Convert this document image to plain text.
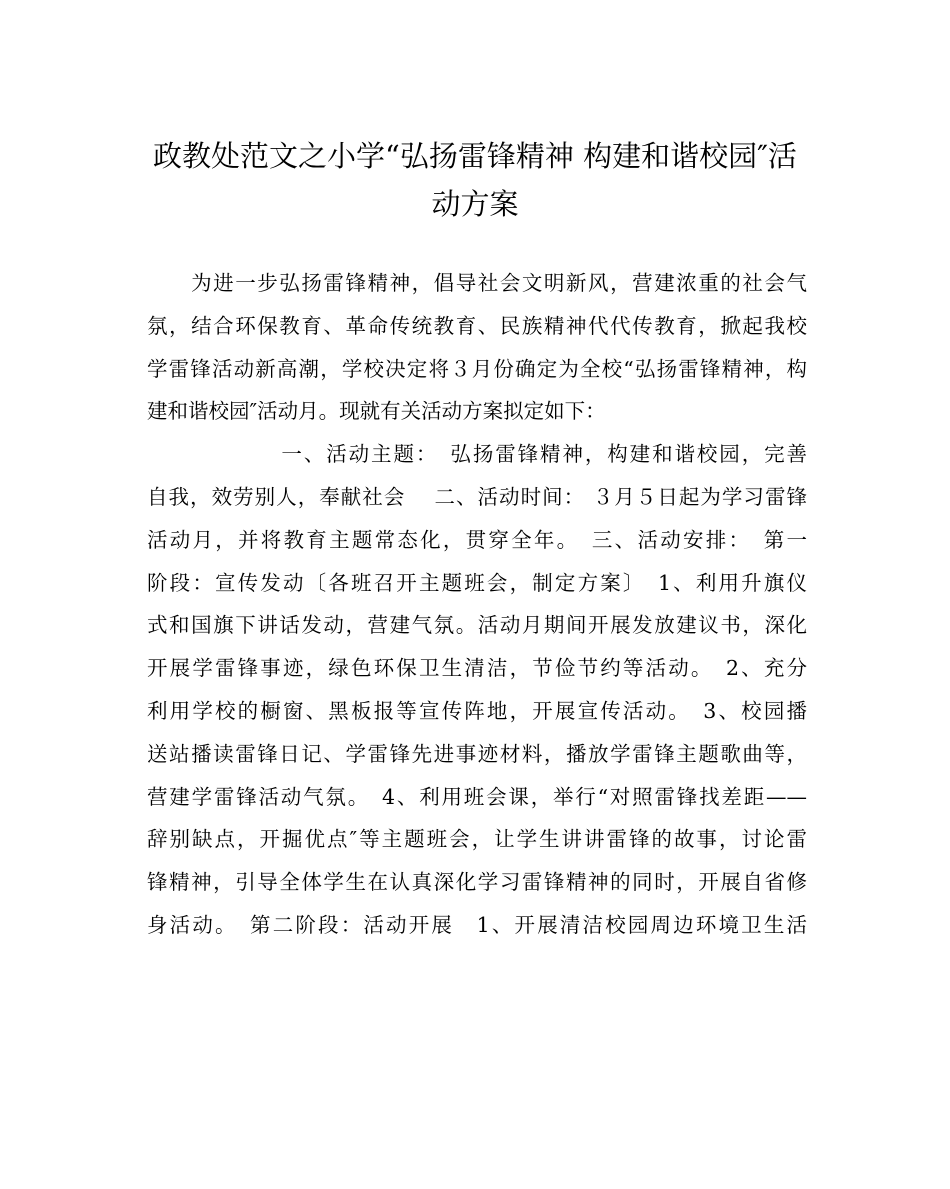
政教处范文之小学“弘扬雷锋精神 构建和谐校园″活
动方案
　　为进一步弘扬雷锋精神，倡导社会文明新风，营建浓重的社会气
氛，结合环保教育、革命传统教育、民族精神代代传教育，掀起我校
学雷锋活动新高潮，学校决定将３月份确定为全校“弘扬雷锋精神，构
建和谐校园″活动月。现就有关活动方案拟定如下：
　　　　　　一、活动主题：　弘扬雷锋精神，构建和谐校园，完善
自我，效劳别人，奉献社会　 二、活动时间： ３月５日起为学习雷锋
活动月，并将教育主题常态化，贯穿全年。　三、活动安排：　第一
阶段：宣传发动〔各班召开主题班会，制定方案〕　1、利用升旗仪
式和国旗下讲话发动，营建气氛。活动月期间开展发放建议书，深化
开展学雷锋事迹，绿色环保卫生清洁，节俭节约等活动。　2、充分
利用学校的橱窗、黑板报等宣传阵地，开展宣传活动。　3、校园播
送站播读雷锋日记、学雷锋先进事迹材料，播放学雷锋主题歌曲等，
营建学雷锋活动气氛。　4、利用班会课，举行“对照雷锋找差距——
辞别缺点，开掘优点″等主题班会，让学生讲讲雷锋的故事，讨论雷
锋精神，引导全体学生在认真深化学习雷锋精神的同时，开展自省修
身活动。　第二阶段：活动开展　1、开展清洁校园周边环境卫生活
